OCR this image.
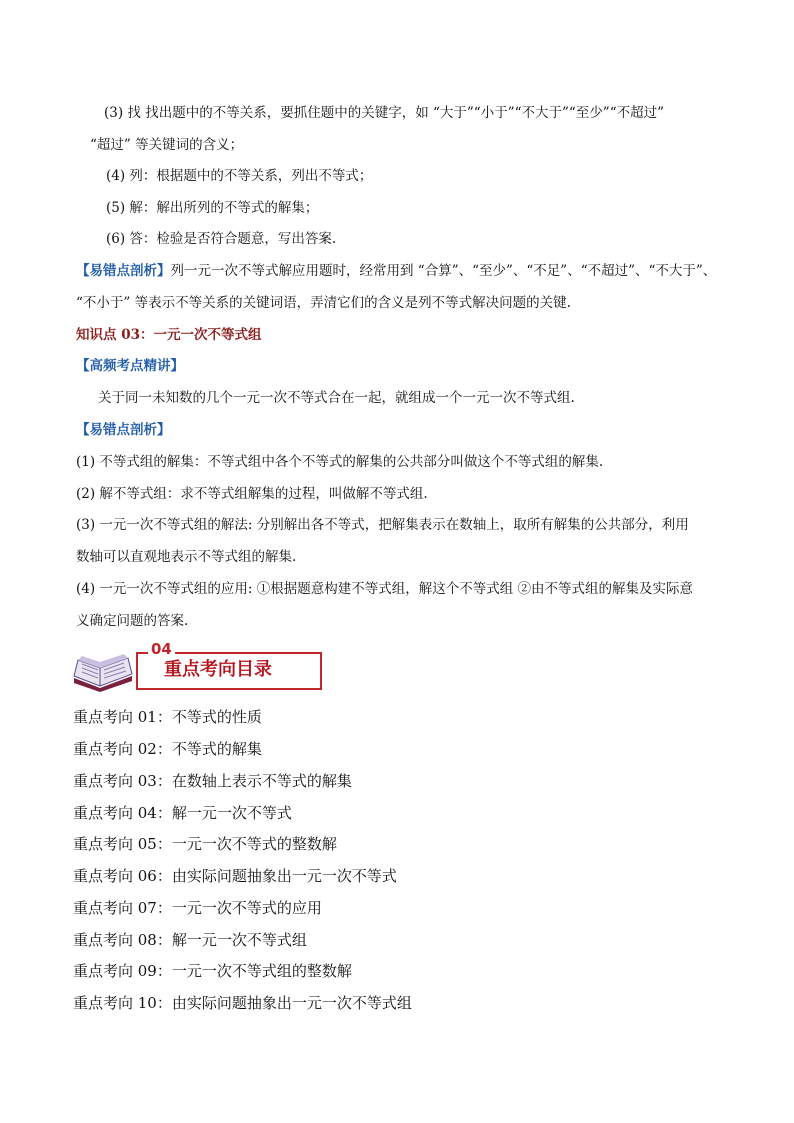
(3) 找 找出题中的不等关系，要抓住题中的关键字，如 “大于”“小于”“不大于”“至少”“不超过”
“超过” 等关键词的含义；
(4) 列：根据题中的不等关系，列出不等式；
(5) 解：解出所列的不等式的解集；
(6) 答：检验是否符合题意，写出答案.
【易错点剖析】列一元一次不等式解应用题时，经常用到 “合算”、“至少”、“不足”、“不超过”、“不大于”、
“不小于” 等表示不等关系的关键词语，弄清它们的含义是列不等式解决问题的关键.
知识点 03：一元一次不等式组
【高频考点精讲】
关于同一未知数的几个一元一次不等式合在一起，就组成一个一元一次不等式组.
【易错点剖析】
(1) 不等式组的解集：不等式组中各个不等式的解集的公共部分叫做这个不等式组的解集.
(2) 解不等式组：求不等式组解集的过程，叫做解不等式组.
(3) 一元一次不等式组的解法: 分别解出各不等式，把解集表示在数轴上，取所有解集的公共部分，利用
数轴可以直观地表示不等式组的解集.
(4) 一元一次不等式组的应用: ①根据题意构建不等式组，解这个不等式组 ②由不等式组的解集及实际意
义确定问题的答案.
04
重点考向目录
重点考向 01：不等式的性质
重点考向 02：不等式的解集
重点考向 03：在数轴上表示不等式的解集
重点考向 04：解一元一次不等式
重点考向 05：一元一次不等式的整数解
重点考向 06：由实际问题抽象出一元一次不等式
重点考向 07：一元一次不等式的应用
重点考向 08：解一元一次不等式组
重点考向 09：一元一次不等式组的整数解
重点考向 10：由实际问题抽象出一元一次不等式组
